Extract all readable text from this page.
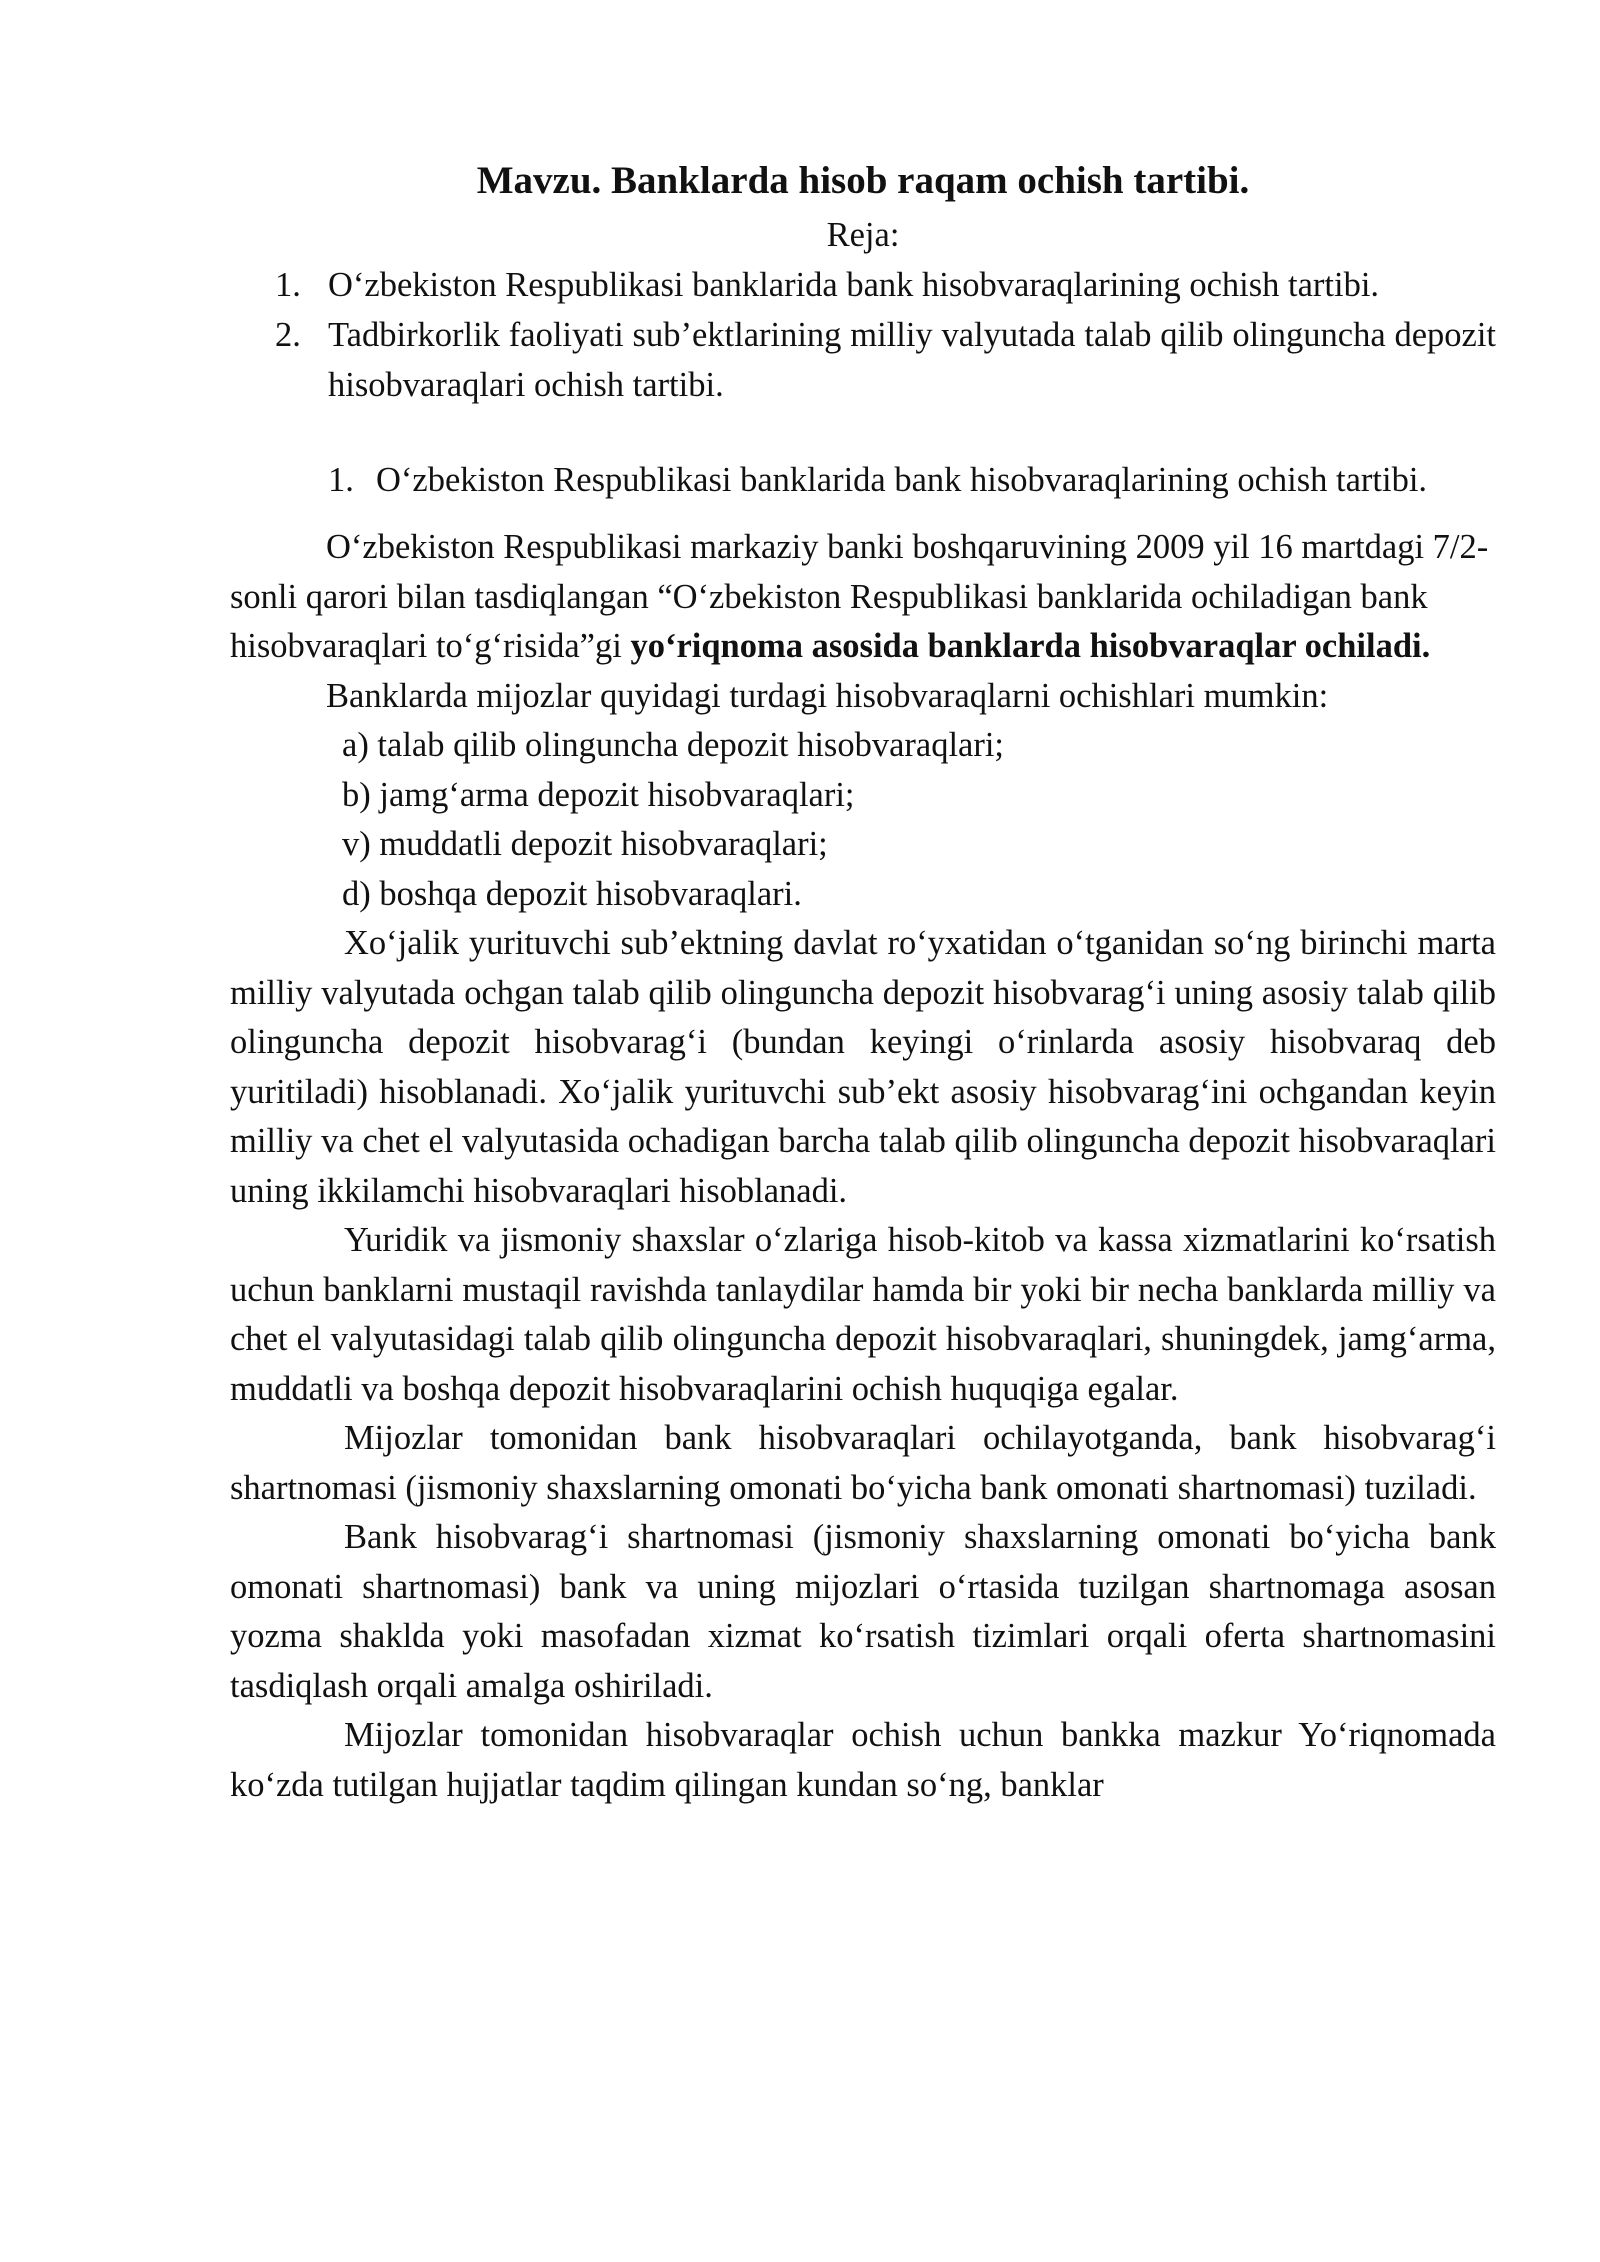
Mavzu. Banklarda hisob raqam ochish tartibi.
Reja:
1. O‘zbekiston Respublikasi banklarida bank hisobvaraqlarining ochish tartibi.
2. Tadbirkorlik faoliyati sub’ektlarining milliy valyutada talab qilib olinguncha depozit hisobvaraqlari ochish tartibi.
1. O‘zbekiston Respublikasi banklarida bank hisobvaraqlarining ochish tartibi.

O‘zbekiston Respublikasi markaziy banki boshqaruvining 2009 yil 16 martdagi 7/2-sonli qarori bilan tasdiqlangan “O‘zbekiston Respublikasi banklarida ochiladigan bank hisobvaraqlari to‘g‘risida”gi yo‘riqnoma asosida banklarda hisobvaraqlar ochiladi.

Banklarda mijozlar quyidagi turdagi hisobvaraqlarni ochishlari mumkin:

a) talab qilib olinguncha depozit hisobvaraqlari;
b) jamg‘arma depozit hisobvaraqlari;
v) muddatli depozit hisobvaraqlari;
d) boshqa depozit hisobvaraqlari.

Xo‘jalik yurituvchi sub’ektning davlat ro‘yxatidan o‘tganidan so‘ng birinchi marta milliy valyutada ochgan talab qilib olinguncha depozit hisobvarag‘i uning asosiy talab qilib olinguncha depozit hisobvarag‘i (bundan keyingi o‘rinlarda asosiy hisobvaraq deb yuritiladi) hisoblanadi. Xo‘jalik yurituvchi sub’ekt asosiy hisobvarag‘ini ochgandan keyin milliy va chet el valyutasida ochadigan barcha talab qilib olinguncha depozit hisobvaraqlari uning ikkilamchi hisobvaraqlari hisoblanadi.

Yuridik va jismoniy shaxslar o‘zlariga hisob-kitob va kassa xizmatlarini ko‘rsatish uchun banklarni mustaqil ravishda tanlaydilar hamda bir yoki bir necha banklarda milliy va chet el valyutasidagi talab qilib olinguncha depozit hisobvaraqlari, shuningdek, jamg‘arma, muddatli va boshqa depozit hisobvaraqlarini ochish huquqiga egalar.

Mijozlar tomonidan bank hisobvaraqlari ochilayotganda, bank hisobvarag‘i shartnomasi (jismoniy shaxslarning omonati bo‘yicha bank omonati shartnomasi) tuziladi.

Bank hisobvarag‘i shartnomasi (jismoniy shaxslarning omonati bo‘yicha bank omonati shartnomasi) bank va uning mijozlari o‘rtasida tuzilgan shartnomaga asosan yozma shaklda yoki masofadan xizmat ko‘rsatish tizimlari orqali oferta shartnomasini tasdiqlash orqali amalga oshiriladi.

Mijozlar tomonidan hisobvaraqlar ochish uchun bankka mazkur Yo‘riqnomada ko‘zda tutilgan hujjatlar taqdim qilingan kundan so‘ng, banklar
